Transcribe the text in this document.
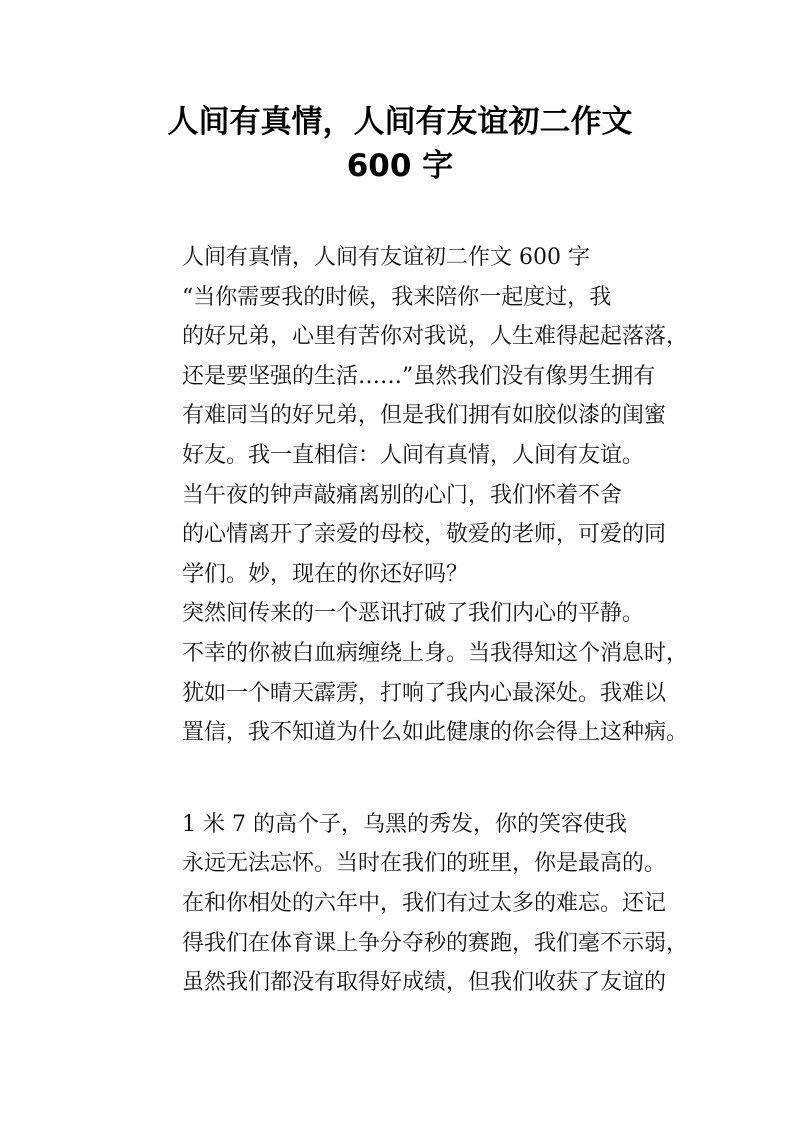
人间有真情，人间有友谊初二作文
600 字

人间有真情，人间有友谊初二作文 600 字

“当你需要我的时候，我来陪你一起度过，我
的好兄弟，心里有苦你对我说，人生难得起起落落，
还是要坚强的生活……”虽然我们没有像男生拥有
有难同当的好兄弟，但是我们拥有如胶似漆的闺蜜
好友。我一直相信：人间有真情，人间有友谊。

当午夜的钟声敲痛离别的心门，我们怀着不舍
的心情离开了亲爱的母校，敬爱的老师，可爱的同
学们。妙，现在的你还好吗？

突然间传来的一个恶讯打破了我们内心的平静。
不幸的你被白血病缠绕上身。当我得知这个消息时，
犹如一个晴天霹雳，打响了我内心最深处。我难以
置信，我不知道为什么如此健康的你会得上这种病。

1 米 7 的高个子，乌黑的秀发，你的笑容使我
永远无法忘怀。当时在我们的班里，你是最高的。
在和你相处的六年中，我们有过太多的难忘。还记
得我们在体育课上争分夺秒的赛跑，我们毫不示弱，
虽然我们都没有取得好成绩，但我们收获了友谊的
